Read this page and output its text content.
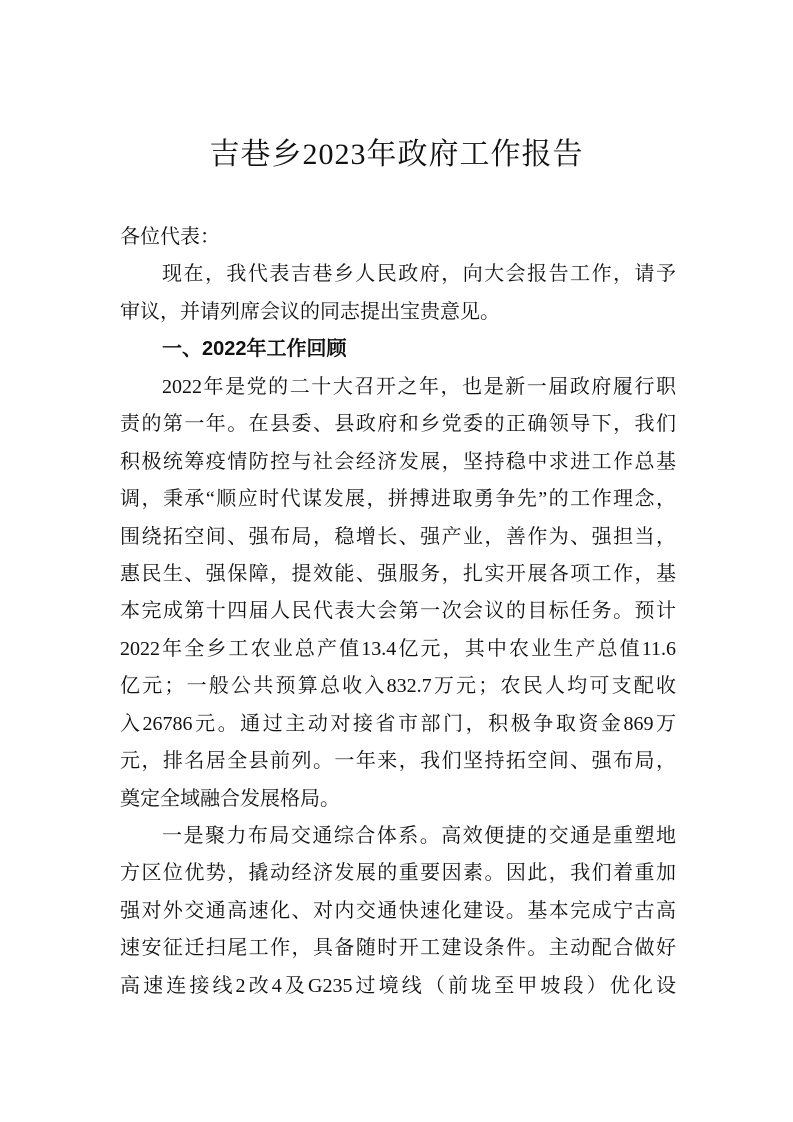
吉巷乡2023年政府工作报告
各位代表：
现在，我代表吉巷乡人民政府，向大会报告工作，请予
审议，并请列席会议的同志提出宝贵意见。
一、2022年工作回顾
2022年是党的二十大召开之年，也是新一届政府履行职
责的第一年。在县委、县政府和乡党委的正确领导下，我们
积极统筹疫情防控与社会经济发展，坚持稳中求进工作总基
调，秉承“顺应时代谋发展，拼搏进取勇争先”的工作理念，
围绕拓空间、强布局，稳增长、强产业，善作为、强担当，
惠民生、强保障，提效能、强服务，扎实开展各项工作，基
本完成第十四届人民代表大会第一次会议的目标任务。预计
2022年全乡工农业总产值13.4亿元，其中农业生产总值11.6
亿元；一般公共预算总收入832.7万元；农民人均可支配收
入26786元。通过主动对接省市部门，积极争取资金869万
元，排名居全县前列。一年来，我们坚持拓空间、强布局，
奠定全域融合发展格局。
一是聚力布局交通综合体系。高效便捷的交通是重塑地
方区位优势，撬动经济发展的重要因素。因此，我们着重加
强对外交通高速化、对内交通快速化建设。基本完成宁古高
速安征迁扫尾工作，具备随时开工建设条件。主动配合做好
高速连接线2改4及G235过境线（前垅至甲坡段）优化设
